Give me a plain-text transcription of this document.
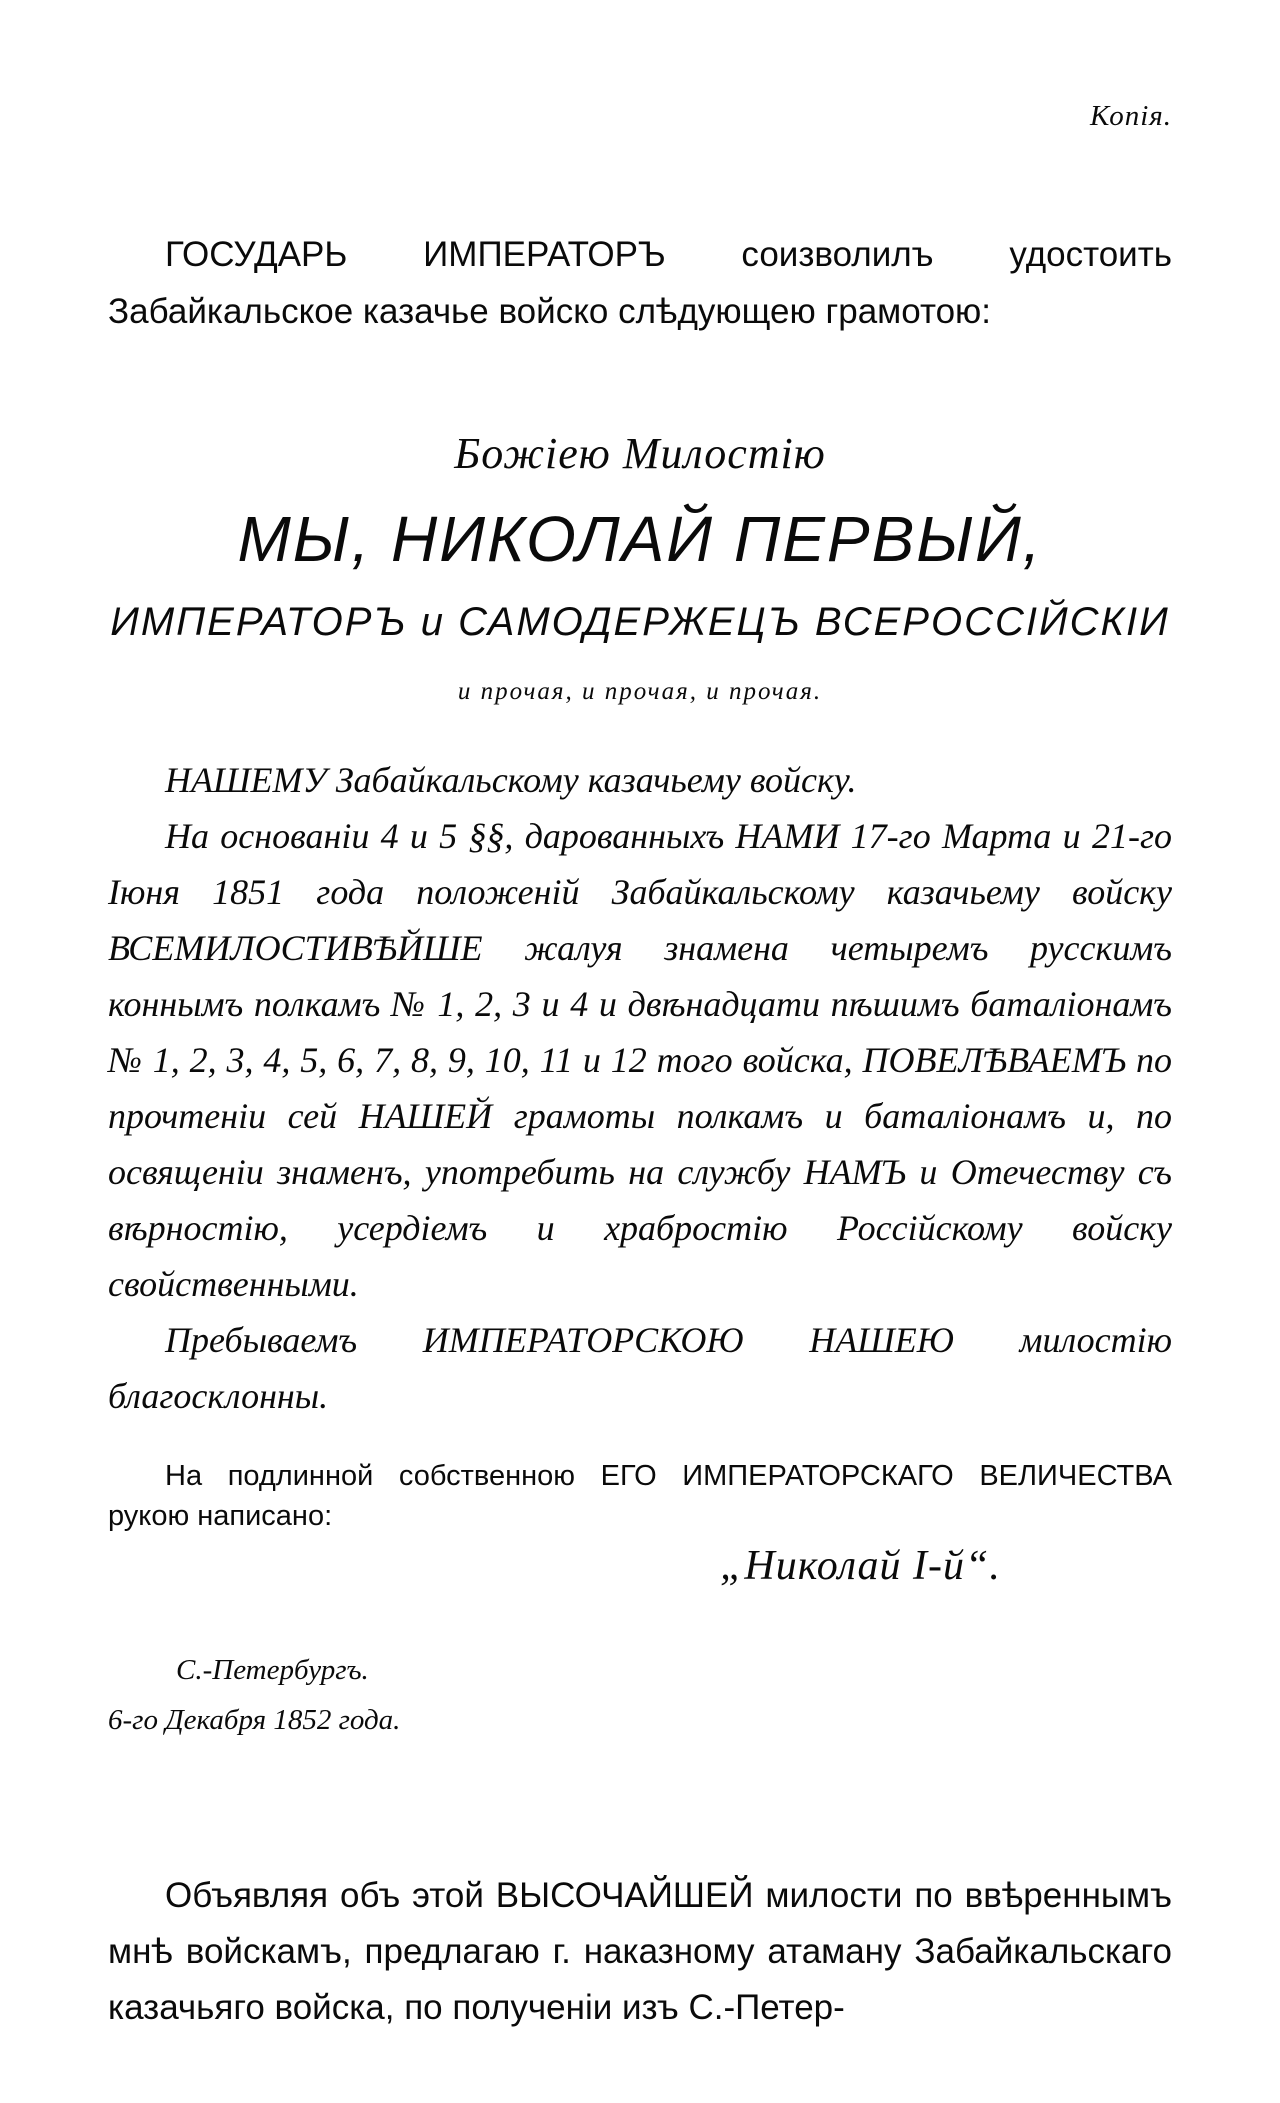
Копія.
ГОСУДАРЬ ИМПЕРАТОРЪ соизволилъ удостоить Забайкальское казачье войско слѣдующею грамотою:
Божіею Милостію
МЫ, НИКОЛАЙ ПЕРВЫЙ,
ИМПЕРАТОРЪ и САМОДЕРЖЕЦЪ ВСЕРОССІЙСКІИ
и прочая, и прочая, и прочая.

НАШЕМУ Забайкальскому казачьему войску.

На основаніи 4 и 5 §§, дарованныхъ НАМИ 17-го Марта и 21-го Іюня 1851 года положеній Забайкальскому казачьему войску ВСЕМИЛОСТИВѢЙШЕ жалуя знамена четыремъ русскимъ коннымъ полкамъ № 1, 2, 3 и 4 и двѣнадцати пѣшимъ баталіонамъ № 1, 2, 3, 4, 5, 6, 7, 8, 9, 10, 11 и 12 того войска, ПОВЕЛѢВАЕМЪ по прочтеніи сей НАШЕЙ грамоты полкамъ и баталіонамъ и, по освященіи знаменъ, употребить на службу НАМЪ и Отечеству съ вѣрностію, усердіемъ и храбростію Россійскому войску свойственными.

Пребываемъ ИМПЕРАТОРСКОЮ НАШЕЮ милостію благосклонны.

На подлинной собственною ЕГО ИМПЕРАТОРСКАГО ВЕЛИЧЕСТВА рукою написано:
„Николай I-й“.
С.-Петербургъ.
6-го Декабря 1852 года.
Объявляя объ этой ВЫСОЧАЙШЕЙ милости по ввѣреннымъ мнѣ войскамъ, предлагаю г. наказному атаману Забайкальскаго казачьяго войска, по полученіи изъ С.-Петер-
